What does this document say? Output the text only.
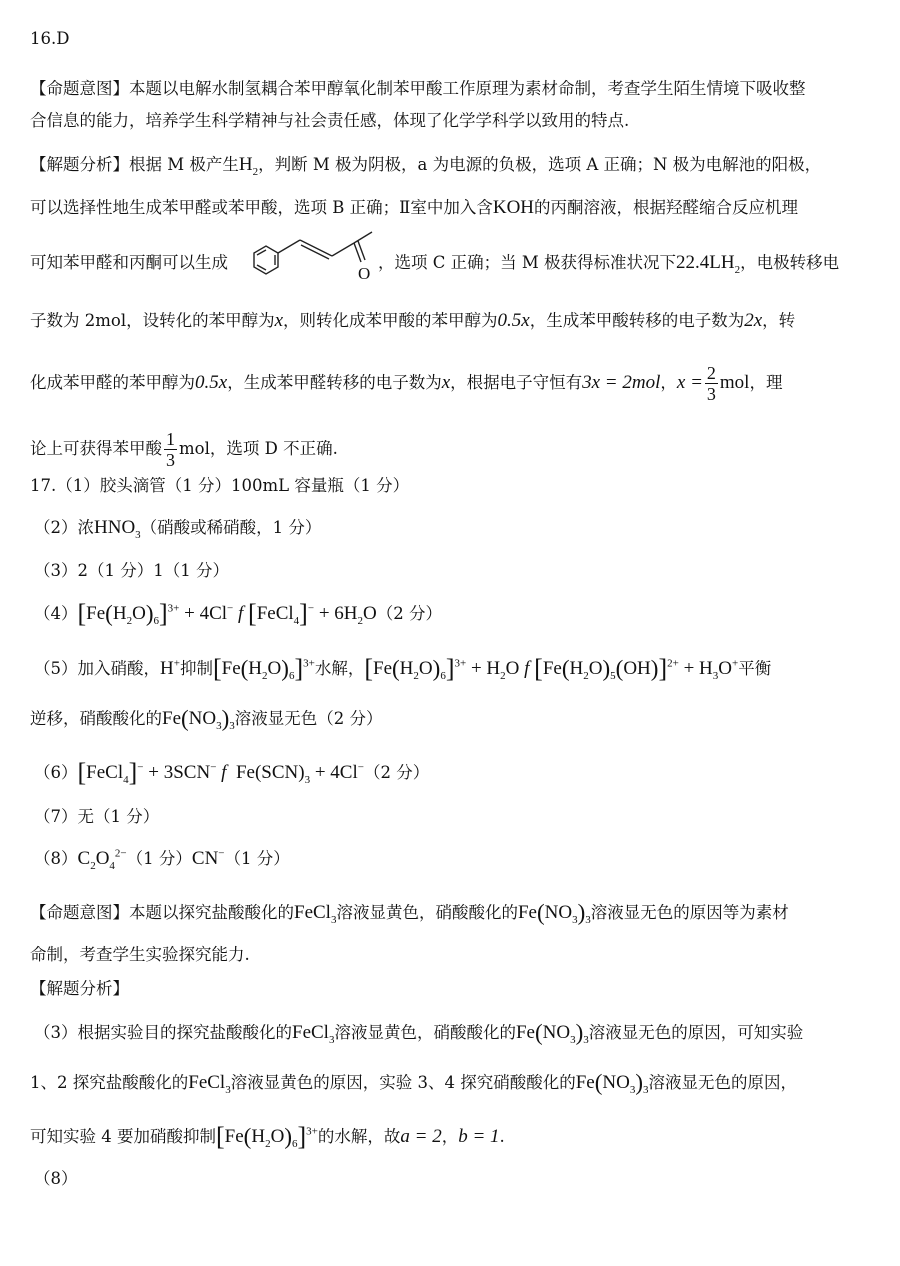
16.D
【命题意图】本题以电解水制氢耦合苯甲醇氧化制苯甲酸工作原理为素材命制，考查学生陌生情境下吸收整
合信息的能力，培养学生科学精神与社会责任感，体现了化学学科学以致用的特点.
【解题分析】根据 M 极产生$H_2$，判断 M 极为阴极，a 为电源的负极，选项 A 正确；N 极为电解池的阳极，
可以选择性地生成苯甲醛或苯甲酸，选项 B 正确；Ⅱ室中加入含KOH的丙酮溶液，根据羟醛缩合反应机理
可知苯甲醛和丙酮可以生成	，选项 C 正确；当 M 极获得标准状况下$22.4LH_2$，电极转移电
O
子数为 2mol，设转化的苯甲醇为x，则转化成苯甲酸的苯甲醇为0.5x，生成苯甲酸转移的电子数为2x，转
化成苯甲醛的苯甲醇为0.5x，生成苯甲醛转移的电子数为x，根据电子守恒有3x = 2mol，$x = \frac{2}{3}$ mol，理
论上可获得苯甲酸 $\frac{1}{3}$ mol，选项 D 不正确.
17.（1）胶头滴管（1 分）100mL 容量瓶（1 分）
（2）浓$HNO_3$（硝酸或稀硝酸，1 分）
（3）2（1 分）1（1 分）
$(4)[Fe(H_2O)_6]^{3+} + 4Cl^-$ f [FeCl$_4$]− + $6H_2O(2$ 分）
（5）加入硝酸，H+抑制$[Fe(H_2O)_6]^{3+}$水解，$[Fe(H_2O)_6]^{3+} + H_2O$ f $[Fe(H_2O)_5(OH)]^{2+} + H_3O^+$平衡
逆移，硝酸酸化的$Fe(NO_3)_3$溶液显无色（2 分）
（6）[FeCl$_4$]− + 3SCN− f  $Fe(SCN)_3 + 4Cl^-(2$ 分）
（7）无（1 分）
$(8)C_2O_4^{2-}(1$ 分）CN−（1 分）
【命题意图】本题以探究盐酸酸化的FeCl$_3$溶液显黄色，硝酸酸化的$Fe(NO_3)_3$溶液显无色的原因等为素材
命制，考查学生实验探究能力.
【解题分析】
（3）根据实验目的探究盐酸酸化的FeCl$_3$溶液显黄色，硝酸酸化的$Fe(NO_3)_3$溶液显无色的原因，可知实验
1、2 探究盐酸酸化的FeCl$_3$溶液显黄色的原因，实验 3、4 探究硝酸酸化的$Fe(NO_3)_3$溶液显无色的原因，
可知实验 4 要加硝酸抑制$[Fe(H_2O)_6]^{3+}$的水解，故a = 2，b = 1.
（8）
